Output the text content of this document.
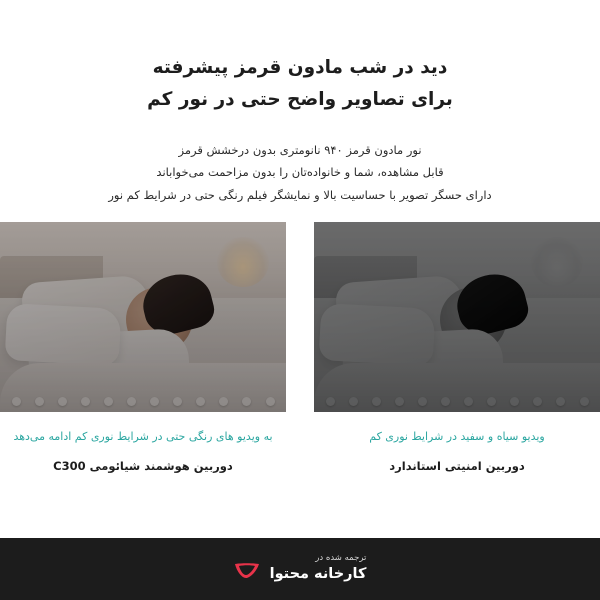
دید در شب مادون قرمز پیشرفته
برای تصاویر واضح حتی در نور کم
نور مادون قرمز ۹۴۰ نانومتری بدون درخشش قرمز
قابل مشاهده، شما و خانواده‌تان را بدون مزاحمت می‌خواباند
دارای حسگر تصویر با حساسیت بالا و نمایشگر فیلم رنگی حتی در شرایط کم نور
ویدیو سیاه و سفید در شرایط نوری کم
دوربین امنیتی استاندارد
به ویدیو های رنگی حتی در شرایط نوری کم ادامه می‌دهد
دوربین هوشمند شیائومی C300
ترجمه شده در
کارخانه محتوا
